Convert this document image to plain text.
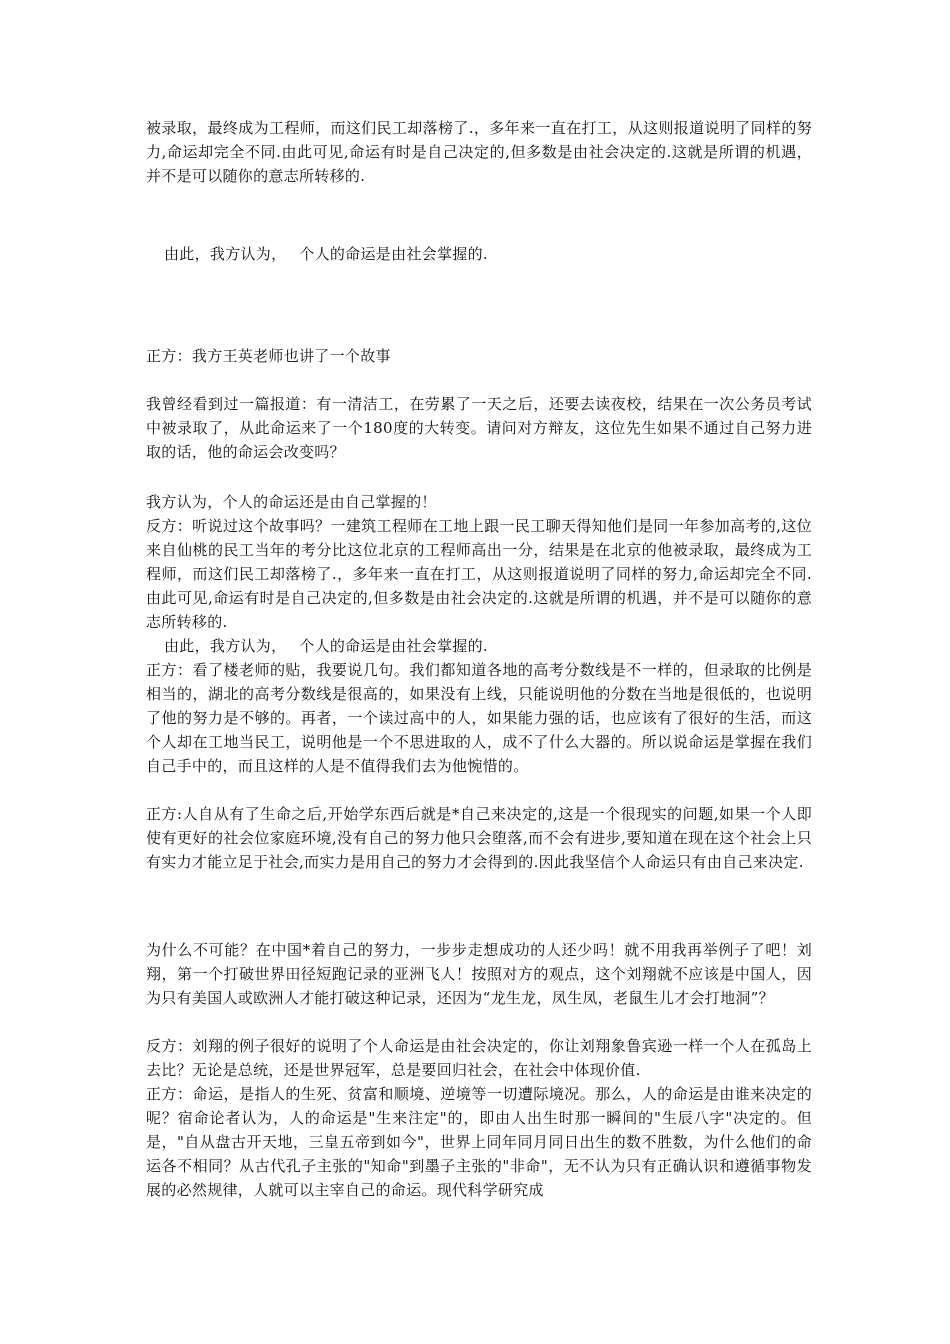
被录取，最终成为工程师，而这们民工却落榜了.，多年来一直在打工，从这则报道说明了同样的努力,命运却完全不同.由此可见,命运有时是自己决定的,但多数是由社会决定的.这就是所谓的机遇，并不是可以随你的意志所转移的.

由此，我方认为，　 个人的命运是由社会掌握的.

正方：我方王英老师也讲了一个故事

我曾经看到过一篇报道：有一清洁工，在劳累了一天之后，还要去读夜校，结果在一次公务员考试中被录取了，从此命运来了一个180度的大转变。请问对方辩友，这位先生如果不通过自己努力进取的话，他的命运会改变吗？

我方认为，个人的命运还是由自己掌握的！

反方：听说过这个故事吗？一建筑工程师在工地上跟一民工聊天得知他们是同一年参加高考的,这位来自仙桃的民工当年的考分比这位北京的工程师高出一分，结果是在北京的他被录取，最终成为工程师，而这们民工却落榜了.，多年来一直在打工，从这则报道说明了同样的努力,命运却完全不同.由此可见,命运有时是自己决定的,但多数是由社会决定的.这就是所谓的机遇，并不是可以随你的意志所转移的.

由此，我方认为，　 个人的命运是由社会掌握的.

正方：看了楼老师的贴，我要说几句。我们都知道各地的高考分数线是不一样的，但录取的比例是相当的，湖北的高考分数线是很高的，如果没有上线，只能说明他的分数在当地是很低的，也说明了他的努力是不够的。再者，一个读过高中的人，如果能力强的话，也应该有了很好的生活，而这个人却在工地当民工，说明他是一个不思进取的人，成不了什么大器的。所以说命运是掌握在我们自己手中的，而且这样的人是不值得我们去为他惋惜的。

正方:人自从有了生命之后,开始学东西后就是*自己来决定的,这是一个很现实的问题,如果一个人即使有更好的社会位家庭环境,没有自己的努力他只会堕落,而不会有进步,要知道在现在这个社会上只有实力才能立足于社会,而实力是用自己的努力才会得到的.因此我坚信个人命运只有由自己来决定.

为什么不可能？在中国*着自己的努力，一步步走想成功的人还少吗！就不用我再举例子了吧！刘翔，第一个打破世界田径短跑记录的亚洲飞人！按照对方的观点，这个刘翔就不应该是中国人，因为只有美国人或欧洲人才能打破这种记录，还因为“龙生龙，凤生凤，老鼠生儿才会打地洞”？

反方：刘翔的例子很好的说明了个人命运是由社会决定的，你让刘翔象鲁宾逊一样一个人在孤岛上去比？无论是总统，还是世界冠军，总是要回归社会，在社会中体现价值.

正方：命运，是指人的生死、贫富和顺境、逆境等一切遭际境况。那么，人的命运是由谁来决定的呢？宿命论者认为，人的命运是"生来注定"的，即由人出生时那一瞬间的"生辰八字"决定的。但是，"自从盘古开天地，三皇五帝到如今"，世界上同年同月同日出生的数不胜数，为什么他们的命运各不相同？从古代孔子主张的"知命"到墨子主张的"非命"，无不认为只有正确认识和遵循事物发展的必然规律，人就可以主宰自己的命运。现代科学研究成
